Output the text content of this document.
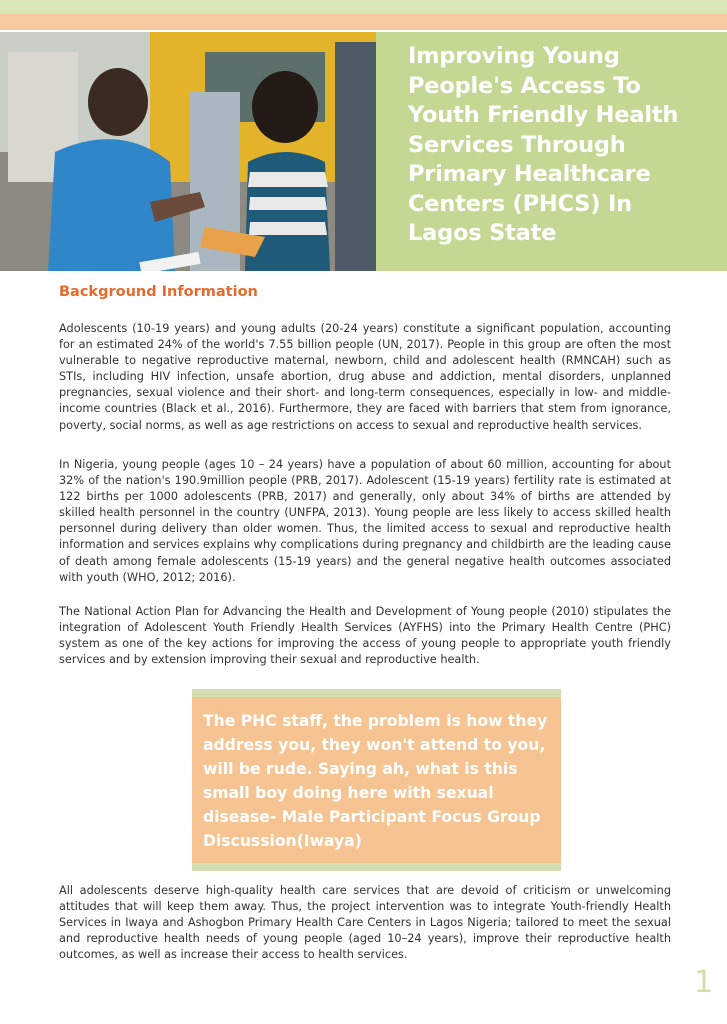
Improving Young People's Access To Youth Friendly Health Services Through Primary Healthcare Centers (PHCS) In Lagos State
Background Information

Adolescents (10-19 years) and young adults (20-24 years) constitute a significant population, accounting for an estimated 24% of the world's 7.55 billion people (UN, 2017). People in this group are often the most vulnerable to negative reproductive maternal, newborn, child and adolescent health (RMNCAH) such as STIs, including HIV infection, unsafe abortion, drug abuse and addiction, mental disorders, unplanned pregnancies, sexual violence and their short- and long-term consequences, especially in low- and middle-income countries (Black et al., 2016). Furthermore, they are faced with barriers that stem from ignorance, poverty, social norms, as well as age restrictions on access to sexual and reproductive health services.

In Nigeria, young people (ages 10 – 24 years) have a population of about 60 million, accounting for about 32% of the nation's 190.9million people (PRB, 2017). Adolescent (15-19 years) fertility rate is estimated at 122 births per 1000 adolescents (PRB, 2017) and generally, only about 34% of births are attended by skilled health personnel in the country (UNFPA, 2013). Young people are less likely to access skilled health personnel during delivery than older women. Thus, the limited access to sexual and reproductive health information and services explains why complications during pregnancy and childbirth are the leading cause of death among female adolescents (15-19 years) and the general negative health outcomes associated with youth (WHO, 2012; 2016).

The National Action Plan for Advancing the Health and Development of Young people (2010) stipulates the integration of Adolescent Youth Friendly Health Services (AYFHS) into the Primary Health Centre (PHC) system as one of the key actions for improving the access of young people to appropriate youth friendly services and by extension improving their sexual and reproductive health.

The PHC staff, the problem is how they address you, they won't attend to you, will be rude. Saying ah, what is this small boy doing here with sexual disease- Male Participant Focus Group Discussion(Iwaya)

All adolescents deserve high-quality health care services that are devoid of criticism or unwelcoming attitudes that will keep them away. Thus, the project intervention was to integrate Youth-friendly Health Services in Iwaya and Ashogbon Primary Health Care Centers in Lagos Nigeria; tailored to meet the sexual and reproductive health needs of young people (aged 10–24 years), improve their reproductive health outcomes, as well as increase their access to health services.

1
